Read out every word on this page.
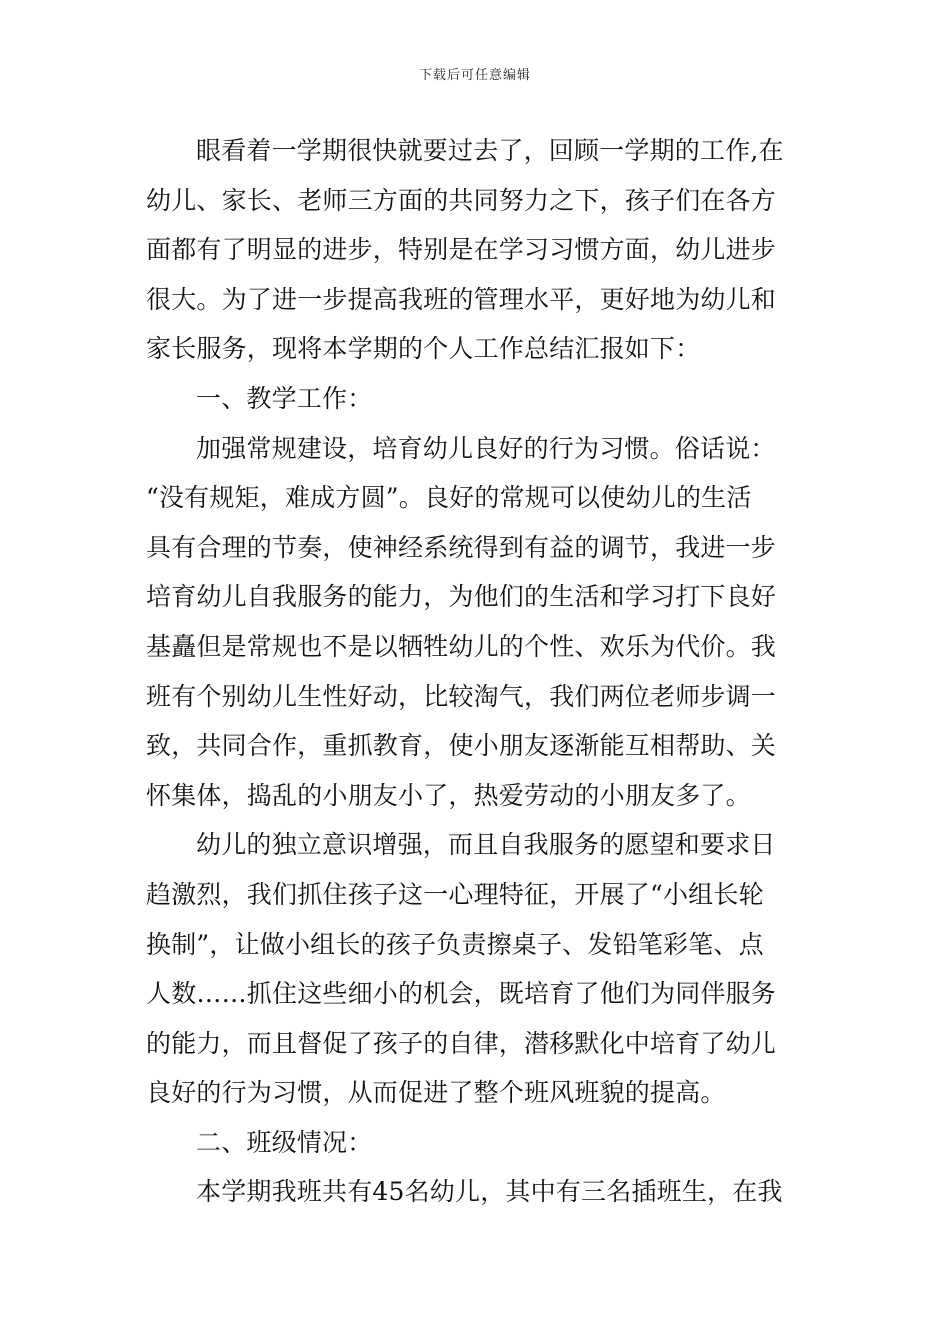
下载后可任意编辑
眼看着一学期很快就要过去了，回顾一学期的工作,在
幼儿、家长、老师三方面的共同努力之下，孩子们在各方
面都有了明显的进步，特别是在学习习惯方面，幼儿进步
很大。为了进一步提高我班的管理水平，更好地为幼儿和
家长服务，现将本学期的个人工作总结汇报如下：
一、教学工作：
加强常规建设，培育幼儿良好的行为习惯。俗话说：
“没有规矩，难成方圆”。良好的常规可以使幼儿的生活
具有合理的节奏，使神经系统得到有益的调节，我进一步
培育幼儿自我服务的能力，为他们的生活和学习打下良好
基矗但是常规也不是以牺牲幼儿的个性、欢乐为代价。我
班有个别幼儿生性好动，比较淘气，我们两位老师步调一
致，共同合作，重抓教育，使小朋友逐渐能互相帮助、关
怀集体，捣乱的小朋友小了，热爱劳动的小朋友多了。
幼儿的独立意识增强，而且自我服务的愿望和要求日
趋激烈，我们抓住孩子这一心理特征，开展了“小组长轮
换制”，让做小组长的孩子负责擦桌子、发铅笔彩笔、点
人数……抓住这些细小的机会，既培育了他们为同伴服务
的能力，而且督促了孩子的自律，潜移默化中培育了幼儿
良好的行为习惯，从而促进了整个班风班貌的提高。
二、班级情况：
本学期我班共有45名幼儿，其中有三名插班生，在我
